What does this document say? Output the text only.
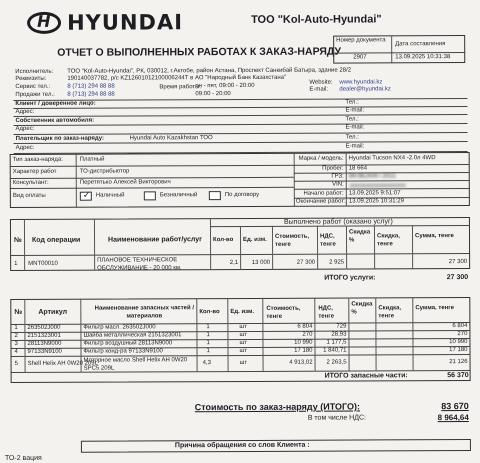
HHYUNDAI	ТОО "Kol-Auto-Hyundai"
ОТЧЕТ О ВЫПОЛНЕННЫХ РАБОТАХ К ЗАКАЗ-НАРЯДУ
Номер документа
Дата составления
2907	13.09.2025 10:31:38
Исполнитель: ТОО "Kol-Auto-Hyundai", РК, 030012, г.Актобе, район Астана, Проспект Санкибай Батыра, здание 28/2
Реквизиты:	190140037782, р/с KZ12601012100006244Т в АО "Народный Банк Казахстана"
Сервис тел.:	8 (713) 294 88 88
Продажи тел.: 8 (713) 294 88 88
Время работы:
пн - пят, 09:00 - 20:00
09:00 - 20:00
Website: www.hyundai.kz
E-mail: dealer@hyundai.kz
Клиент / доверенное лицо:	Тел.:
Адрес:	E-mail:
Собственник автомобиля:	Тел.:
Адрес:	E-mail:
Плательщик по заказ-наряду:	Hyundai Auto Kazakhstan ТОО	Тел.:
Адрес:	E-mail:
Тип заказ-наряда:	Платный
Характер работ	ТО-дистрибьютор
Консультант:	Перетятько Алексей Викторович
Вид оплаты
✓	Наличный	Безналичный	По договору
Марка / модель: Hyundai Tucson NX4 -2.0л 4WD
Пробег: 18 664
ГРЗ: 947ВСА04 / 2021
VIN:
Начало работ: 13.09.2025 9:51:07
Окончание работ: 13.09.2025 10:31:29
Выполнено работ (оказано услуг)
№ Код операции	Наименование работ/услуг Кол-во Ед. изм.
Стоимость, тенге
НДС, тенге
Скидка %
Скидка, тенге
Сумма, тенге
1 MNT00010
ПЛАНОВОЕ ТЕХНИЧЕСКОЕ ОБСЛУЖИВАНИЕ - 20 000 км.
2,1	13 000	27 300	2 925	27 300
ИТОГО услуги:	27 300
№ Артикул
Наименование запасных частей / материалов
Кол-во Ед. изм.
Стоимость, тенге
НДС, тенге
Скидка %
Скидка, тенге
Сумма, тенге
1 263502J000	Фильтр масл. 263502J000	1	шт	6 804	729	6 804
2 2151323001	Шайба металлическая 2151323001	1	шт	270	28,93	270
3 28113N9000	Фильтр воздушный 28113N9000	1	шт	10 990	1 177,5	10 990
4 97133N9100	Фильтр конд-ра 97133N9100	1	шт	17 180	1 840,71	17 180
5 Shell Helix AH 0W20 209L
Моторное масло Shell Helix AH 0W20 SPC5 209L
4,3	шт	4 913,02	2 263,5	21 126
ИТОГО запасные части:	56 370
Стоимость по заказ-наряду (ИТОГО):	83 670
В том числе НДС:	8 964,64
Причина обращения со слов Клиента :
ТО-2 вация
